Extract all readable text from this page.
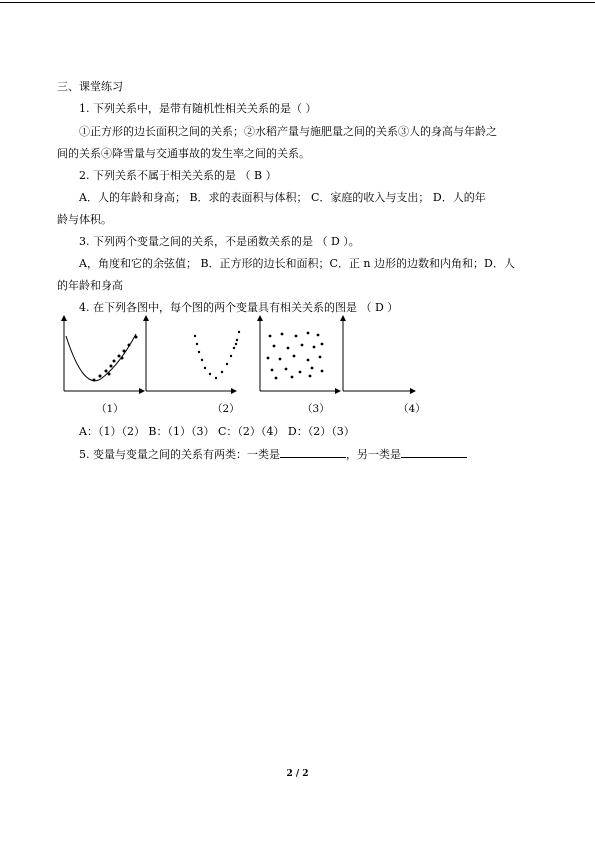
三、课堂练习
1. 下列关系中，是带有随机性相关关系的是（ ）
①正方形的边长面积之间的关系；②水稻产量与施肥量之间的关系③人的身高与年龄之
间的关系④降雪量与交通事故的发生率之间的关系。
2. 下列关系不属于相关关系的是 （ B ）
A．人的年龄和身高； B．求的表面积与体积； C．家庭的收入与支出； D．人的年
龄与体积。
3. 下列两个变量之间的关系，不是函数关系的是 （ D ）。
A，角度和它的余弦值； B．正方形的边长和面积；C．正 n 边形的边数和内角和；D．人
的年龄和身高
4. 在下列各图中，每个图的两个变量具有相关关系的图是 （ D ）
（1）	（2）	（3）	（4）
A：（1）（2） B：（1）（3） C：（2）（4） D：（2）（3）
5. 变量与变量之间的关系有两类：一类是	，另一类是
2 / 2
